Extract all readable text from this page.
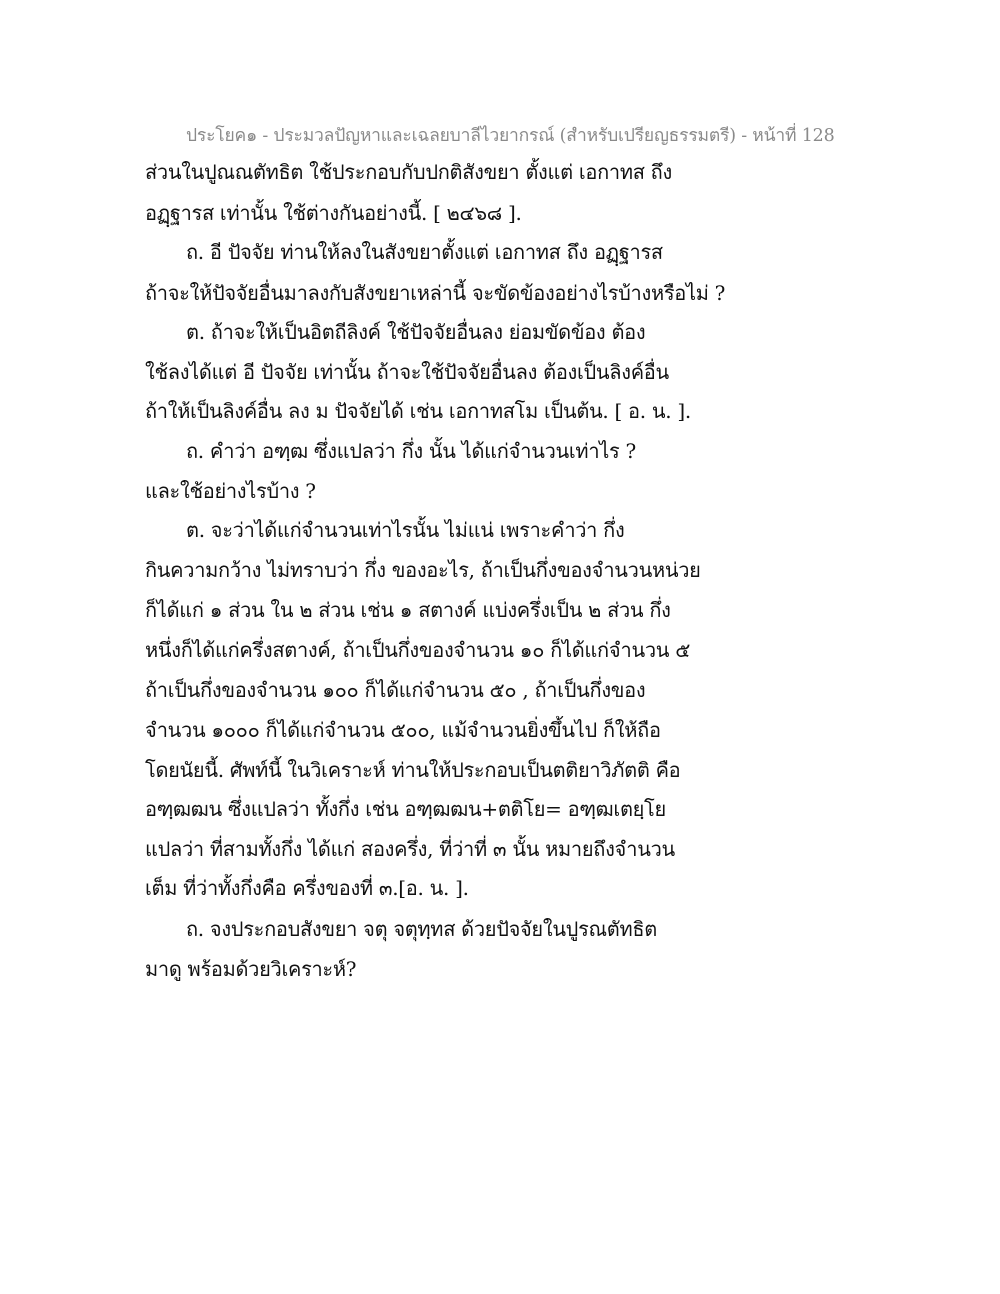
ประโยค๑ - ประมวลปัญหาและเฉลยบาลีไวยากรณ์ (สำหรับเปรียญธรรมตรี) - หน้าที่ 128
ส่วนในปูณณตัทธิต ใช้ประกอบกับปกติสังขยา ตั้งแต่ เอกาทส ถึง
อฏฺฐารส เท่านั้น ใช้ต่างกันอย่างนี้. [ ๒๔๖๘ ].
ถ. อี ปัจจัย ท่านให้ลงในสังขยาตั้งแต่ เอกาทส ถึง อฏฺฐารส
ถ้าจะให้ปัจจัยอื่นมาลงกับสังขยาเหล่านี้ จะขัดข้องอย่างไรบ้างหรือไม่ ?
ต. ถ้าจะให้เป็นอิตถีลิงค์ ใช้ปัจจัยอื่นลง ย่อมขัดข้อง ต้อง
ใช้ลงได้แต่ อี ปัจจัย เท่านั้น ถ้าจะใช้ปัจจัยอื่นลง ต้องเป็นลิงค์อื่น
ถ้าให้เป็นลิงค์อื่น ลง ม ปัจจัยได้ เช่น เอกาทสโม เป็นต้น. [ อ. น. ].
ถ. คำว่า อฑฺฒ ซึ่งแปลว่า กึ่ง นั้น ได้แก่จำนวนเท่าไร ?
และใช้อย่างไรบ้าง ?
ต. จะว่าได้แก่จำนวนเท่าไรนั้น ไม่แน่ เพราะคำว่า กึ่ง
กินความกว้าง ไม่ทราบว่า กึ่ง ของอะไร, ถ้าเป็นกึ่งของจำนวนหน่วย
ก็ได้แก่ ๑ ส่วน ใน ๒ ส่วน เช่น ๑ สตางค์ แบ่งครึ่งเป็น ๒ ส่วน กึ่ง
หนึ่งก็ได้แก่ครึ่งสตางค์, ถ้าเป็นกึ่งของจำนวน ๑๐ ก็ได้แก่จำนวน ๕
ถ้าเป็นกึ่งของจำนวน ๑๐๐ ก็ได้แก่จำนวน ๕๐ , ถ้าเป็นกึ่งของ
จำนวน ๑๐๐๐ ก็ได้แก่จำนวน ๕๐๐, แม้จำนวนยิ่งขึ้นไป ก็ให้ถือ
โดยนัยนี้. ศัพท์นี้ ในวิเคราะห์ ท่านให้ประกอบเป็นตติยาวิภัตติ คือ
อฑฺฒฒน ซึ่งแปลว่า ทั้งกึ่ง เช่น อฑฺฒฒน+ตติโย= อฑฺฒเตยฺโย
แปลว่า ที่สามทั้งกึ่ง ได้แก่ สองครึ่ง, ที่ว่าที่ ๓ นั้น หมายถึงจำนวน
เต็ม ที่ว่าทั้งกึ่งคือ ครึ่งของที่ ๓.[อ. น. ].
ถ. จงประกอบสังขยา จตุ จตุทฺทส ด้วยปัจจัยในปูรณตัทธิต
มาดู พร้อมด้วยวิเคราะห์?
